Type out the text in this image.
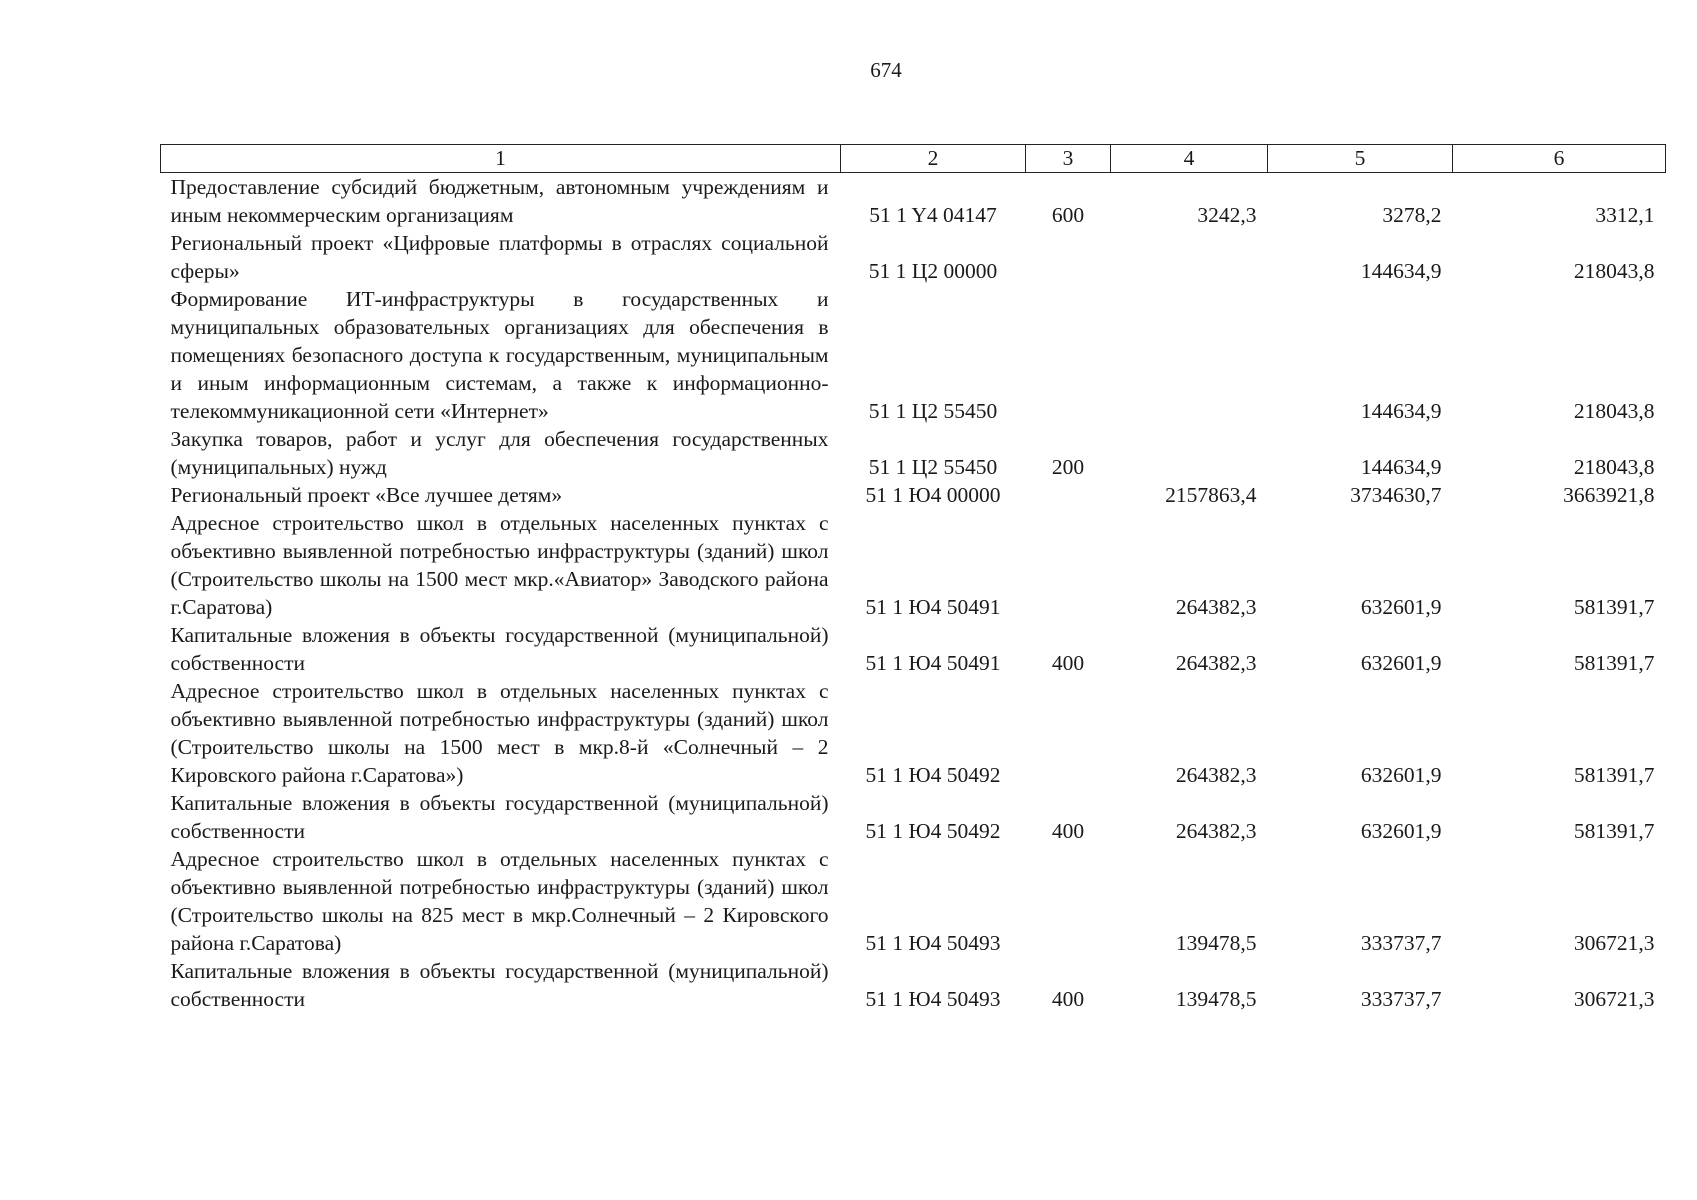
674
1	2	3	4	5	6
Предоставление субсидий бюджетным, автономным учреждениям и иным некоммерческим организациям	51 1 Y4 04147	600	3242,3	3278,2	3312,1
Региональный проект «Цифровые платформы в отраслях социальной сферы»	51 1 Ц2 00000			144634,9	218043,8
Формирование ИТ-инфраструктуры в государственных и муниципальных образовательных организациях для обеспечения в помещениях безопасного доступа к государственным, муниципальным и иным информационным системам, а также к информационно-телекоммуникационной сети «Интернет»	51 1 Ц2 55450			144634,9	218043,8
Закупка товаров, работ и услуг для обеспечения государственных (муниципальных) нужд	51 1 Ц2 55450	200		144634,9	218043,8
Региональный проект «Все лучшее детям»	51 1 Ю4 00000		2157863,4	3734630,7	3663921,8
Адресное строительство школ в отдельных населенных пунктах с объективно выявленной потребностью инфраструктуры (зданий) школ (Строительство школы на 1500 мест мкр.«Авиатор» Заводского района г.Саратова)	51 1 Ю4 50491		264382,3	632601,9	581391,7
Капитальные вложения в объекты государственной (муниципальной) собственности	51 1 Ю4 50491	400	264382,3	632601,9	581391,7
Адресное строительство школ в отдельных населенных пунктах с объективно выявленной потребностью инфраструктуры (зданий) школ (Строительство школы на 1500 мест в мкр.8-й «Солнечный – 2 Кировского района г.Саратова»)	51 1 Ю4 50492		264382,3	632601,9	581391,7
Капитальные вложения в объекты государственной (муниципальной) собственности	51 1 Ю4 50492	400	264382,3	632601,9	581391,7
Адресное строительство школ в отдельных населенных пунктах с объективно выявленной потребностью инфраструктуры (зданий) школ (Строительство школы на 825 мест в мкр.Солнечный – 2 Кировского района г.Саратова)	51 1 Ю4 50493		139478,5	333737,7	306721,3
Капитальные вложения в объекты государственной (муниципальной) собственности	51 1 Ю4 50493	400	139478,5	333737,7	306721,3
